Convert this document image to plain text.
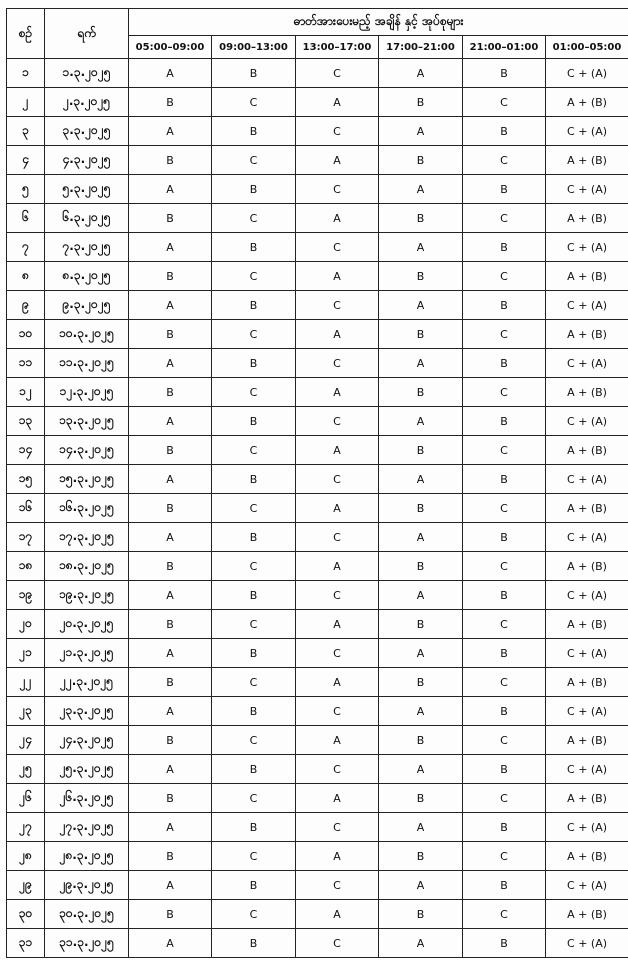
စဉ်	ရက်	ဓာတ်အားပေးမည့် အချိန် နှင့် အုပ်စုများ					
		05:00–09:00	09:00–13:00	13:00–17:00	17:00–21:00	21:00–01:00	01:00–05:00
၁	၁.၃.၂၀၂၅	A	B	C	A	B	C + (A)
၂	၂.၃.၂၀၂၅	B	C	A	B	C	A + (B)
၃	၃.၃.၂၀၂၅	A	B	C	A	B	C + (A)
၄	၄.၃.၂၀၂၅	B	C	A	B	C	A + (B)
၅	၅.၃.၂၀၂၅	A	B	C	A	B	C + (A)
၆	၆.၃.၂၀၂၅	B	C	A	B	C	A + (B)
၇	၇.၃.၂၀၂၅	A	B	C	A	B	C + (A)
၈	၈.၃.၂၀၂၅	B	C	A	B	C	A + (B)
၉	၉.၃.၂၀၂၅	A	B	C	A	B	C + (A)
၁၀	၁၀.၃.၂၀၂၅	B	C	A	B	C	A + (B)
၁၁	၁၁.၃.၂၀၂၅	A	B	C	A	B	C + (A)
၁၂	၁၂.၃.၂၀၂၅	B	C	A	B	C	A + (B)
၁၃	၁၃.၃.၂၀၂၅	A	B	C	A	B	C + (A)
၁၄	၁၄.၃.၂၀၂၅	B	C	A	B	C	A + (B)
၁၅	၁၅.၃.၂၀၂၅	A	B	C	A	B	C + (A)
၁၆	၁၆.၃.၂၀၂၅	B	C	A	B	C	A + (B)
၁၇	၁၇.၃.၂၀၂၅	A	B	C	A	B	C + (A)
၁၈	၁၈.၃.၂၀၂၅	B	C	A	B	C	A + (B)
၁၉	၁၉.၃.၂၀၂၅	A	B	C	A	B	C + (A)
၂၀	၂၀.၃.၂၀၂၅	B	C	A	B	C	A + (B)
၂၁	၂၁.၃.၂၀၂၅	A	B	C	A	B	C + (A)
၂၂	၂၂.၃.၂၀၂၅	B	C	A	B	C	A + (B)
၂၃	၂၃.၃.၂၀၂၅	A	B	C	A	B	C + (A)
၂၄	၂၄.၃.၂၀၂၅	B	C	A	B	C	A + (B)
၂၅	၂၅.၃.၂၀၂၅	A	B	C	A	B	C + (A)
၂၆	၂၆.၃.၂၀၂၅	B	C	A	B	C	A + (B)
၂၇	၂၇.၃.၂၀၂၅	A	B	C	A	B	C + (A)
၂၈	၂၈.၃.၂၀၂၅	B	C	A	B	C	A + (B)
၂၉	၂၉.၃.၂၀၂၅	A	B	C	A	B	C + (A)
၃၀	၃၀.၃.၂၀၂၅	B	C	A	B	C	A + (B)
၃၁	၃၁.၃.၂၀၂၅	A	B	C	A	B	C + (A)
